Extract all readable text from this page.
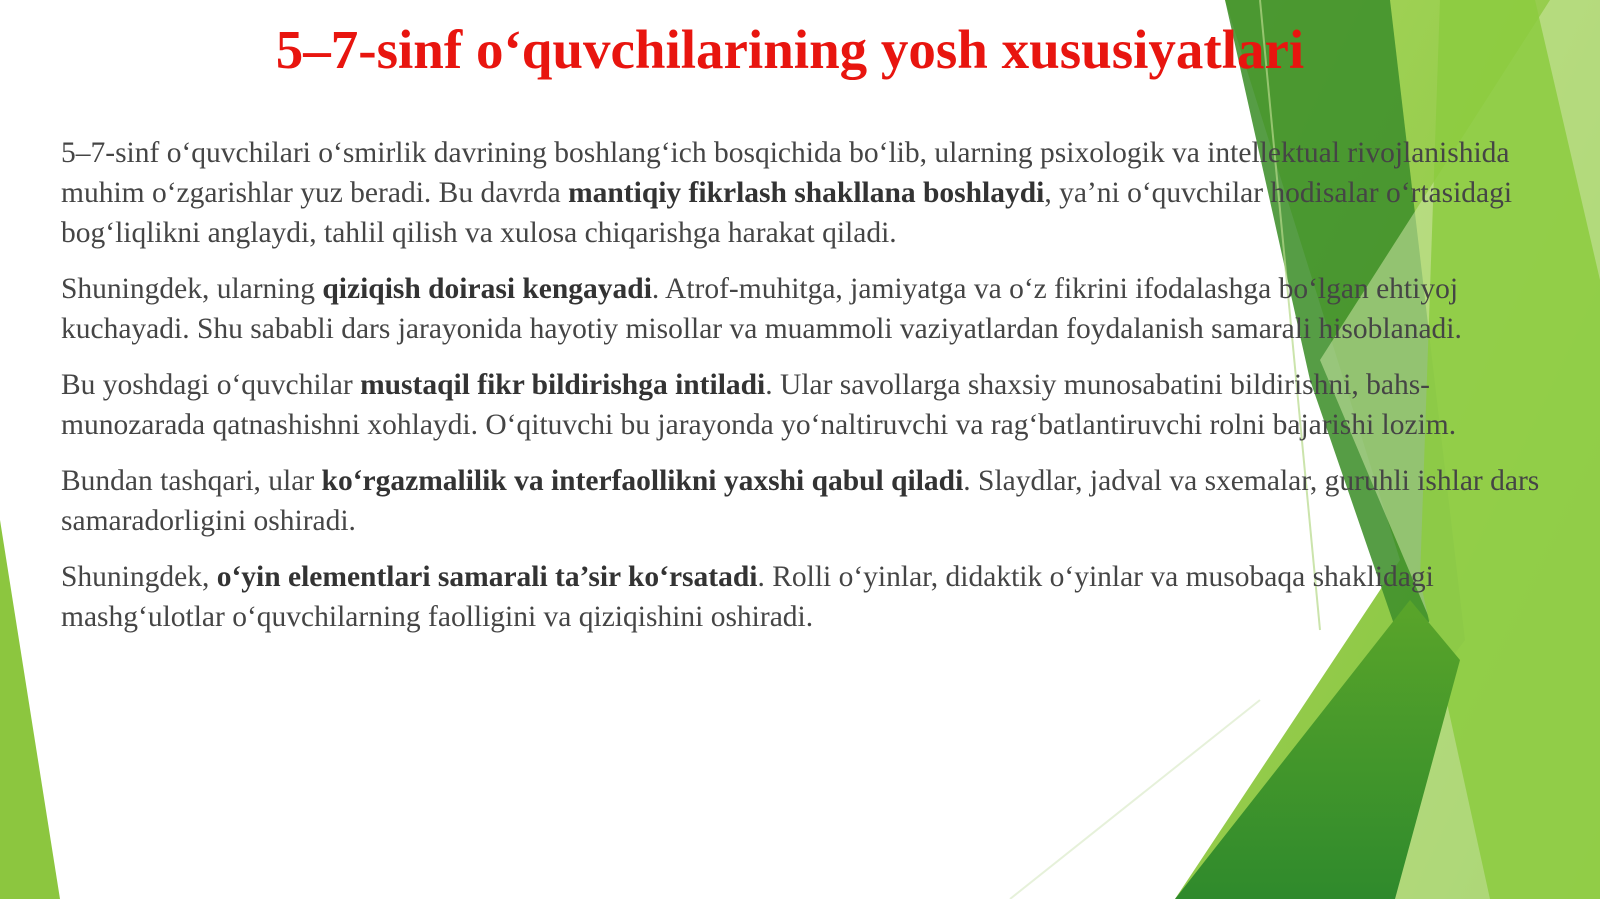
5–7-sinf o‘quvchilarining yosh xususiyatlari

5–7-sinf o‘quvchilari o‘smirlik davrining boshlang‘ich bosqichida bo‘lib, ularning psixologik va intellektual rivojlanishida muhim o‘zgarishlar yuz beradi. Bu davrda mantiqiy fikrlash shakllana boshlaydi, ya’ni o‘quvchilar hodisalar o‘rtasidagi bog‘liqlikni anglaydi, tahlil qilish va xulosa chiqarishga harakat qiladi.

Shuningdek, ularning qiziqish doirasi kengayadi. Atrof-muhitga, jamiyatga va o‘z fikrini ifodalashga bo‘lgan ehtiyoj kuchayadi. Shu sababli dars jarayonida hayotiy misollar va muammoli vaziyatlardan foydalanish samarali hisoblanadi.

Bu yoshdagi o‘quvchilar mustaqil fikr bildirishga intiladi. Ular savollarga shaxsiy munosabatini bildirishni, bahs-munozarada qatnashishni xohlaydi. O‘qituvchi bu jarayonda yo‘naltiruvchi va rag‘batlantiruvchi rolni bajarishi lozim.

Bundan tashqari, ular ko‘rgazmalilik va interfaollikni yaxshi qabul qiladi. Slaydlar, jadval va sxemalar, guruhli ishlar dars samaradorligini oshiradi.

Shuningdek, o‘yin elementlari samarali ta’sir ko‘rsatadi. Rolli o‘yinlar, didaktik o‘yinlar va musobaqa shaklidagi mashg‘ulotlar o‘quvchilarning faolligini va qiziqishini oshiradi.
